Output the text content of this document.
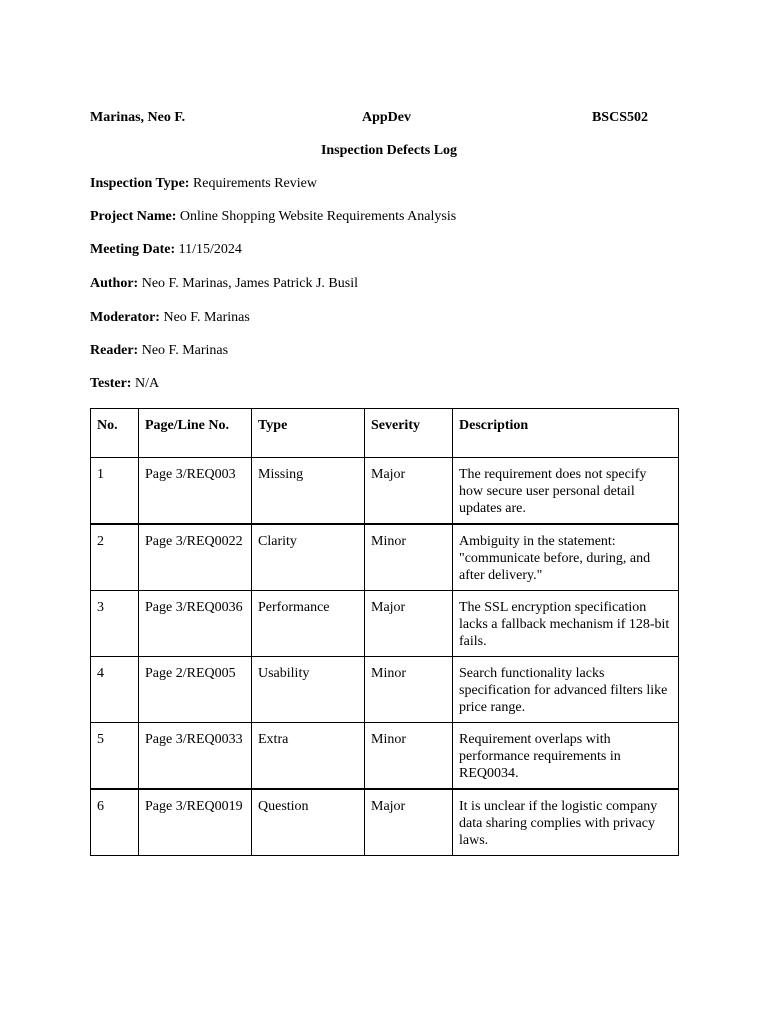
Marinas, Neo F.	AppDev	BSCS502
Inspection Defects Log
Inspection Type: Requirements Review
Project Name: Online Shopping Website Requirements Analysis
Meeting Date: 11/15/2024
Author: Neo F. Marinas, James Patrick J. Busil
Moderator: Neo F. Marinas
Reader: Neo F. Marinas
Tester: N/A
No.	Page/Line No.	Type	Severity	Description
1	Page 3/REQ003	Missing	Major	The requirement does not specify how secure user personal detail updates are.
2	Page 3/REQ0022	Clarity	Minor	Ambiguity in the statement: "communicate before, during, and after delivery."
3	Page 3/REQ0036	Performance	Major	The SSL encryption specification lacks a fallback mechanism if 128-bit fails.
4	Page 2/REQ005	Usability	Minor	Search functionality lacks specification for advanced filters like price range.
5	Page 3/REQ0033	Extra	Minor	Requirement overlaps with performance requirements in REQ0034.
6	Page 3/REQ0019	Question	Major	It is unclear if the logistic company data sharing complies with privacy laws.
